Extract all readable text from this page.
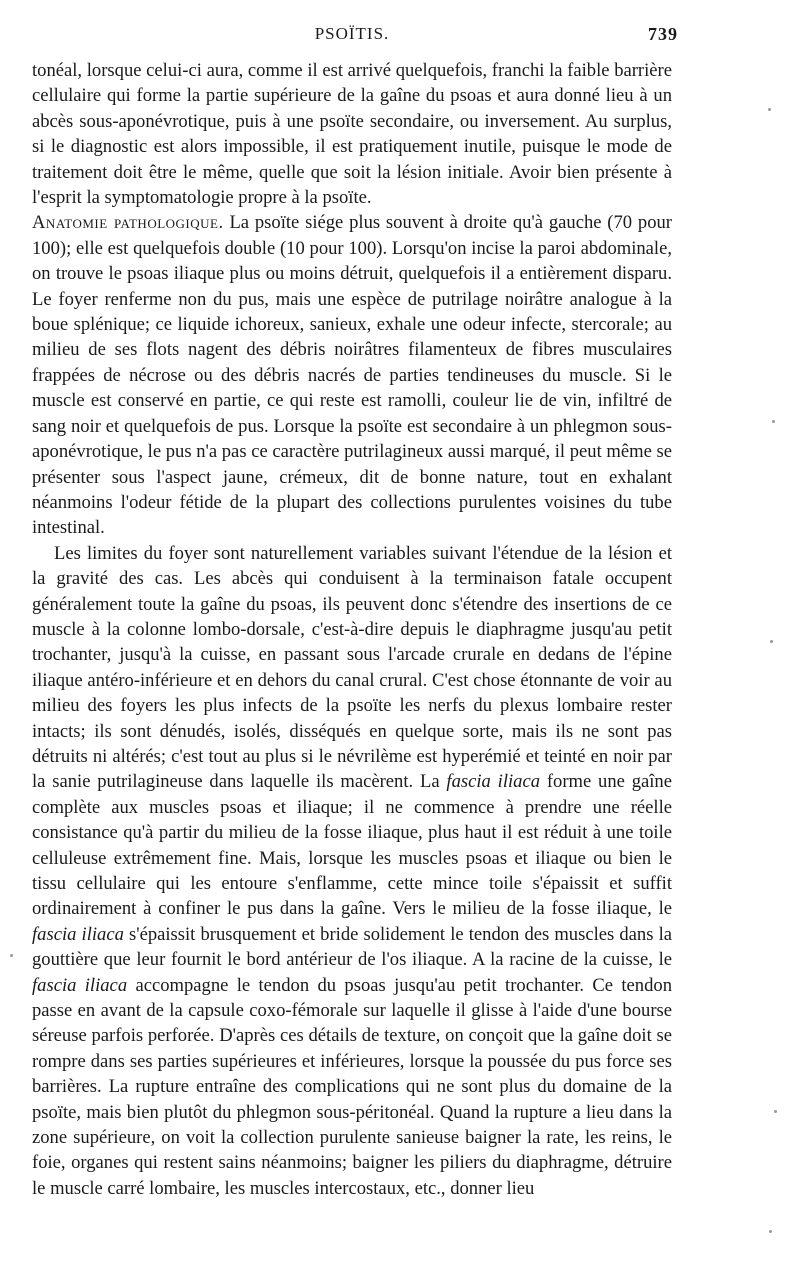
PSOÏTIS.	739

tonéal, lorsque celui-ci aura, comme il est arrivé quelquefois, franchi la faible barrière cellulaire qui forme la partie supérieure de la gaîne du psoas et aura donné lieu à un abcès sous-aponévrotique, puis à une psoïte secondaire, ou inversement. Au surplus, si le diagnostic est alors impossible, il est pratiquement inutile, puisque le mode de traitement doit être le même, quelle que soit la lésion initiale. Avoir bien présente à l'esprit la symptomatologie propre à la psoïte.

Anatomie pathologique. La psoïte siége plus souvent à droite qu'à gauche (70 pour 100); elle est quelquefois double (10 pour 100). Lorsqu'on incise la paroi abdominale, on trouve le psoas iliaque plus ou moins détruit, quelquefois il a entièrement disparu. Le foyer renferme non du pus, mais une espèce de putrilage noirâtre analogue à la boue splénique; ce liquide ichoreux, sanieux, exhale une odeur infecte, stercorale; au milieu de ses flots nagent des débris noirâtres filamenteux de fibres musculaires frappées de nécrose ou des débris nacrés de parties tendineuses du muscle. Si le muscle est conservé en partie, ce qui reste est ramolli, couleur lie de vin, infiltré de sang noir et quelquefois de pus. Lorsque la psoïte est secondaire à un phlegmon sous-aponévrotique, le pus n'a pas ce caractère putrilagineux aussi marqué, il peut même se présenter sous l'aspect jaune, crémeux, dit de bonne nature, tout en exhalant néanmoins l'odeur fétide de la plupart des collections purulentes voisines du tube intestinal.

Les limites du foyer sont naturellement variables suivant l'étendue de la lésion et la gravité des cas. Les abcès qui conduisent à la terminaison fatale occupent généralement toute la gaîne du psoas, ils peuvent donc s'étendre des insertions de ce muscle à la colonne lombo-dorsale, c'est-à-dire depuis le diaphragme jusqu'au petit trochanter, jusqu'à la cuisse, en passant sous l'arcade crurale en dedans de l'épine iliaque antéro-inférieure et en dehors du canal crural. C'est chose étonnante de voir au milieu des foyers les plus infects de la psoïte les nerfs du plexus lombaire rester intacts; ils sont dénudés, isolés, disséqués en quelque sorte, mais ils ne sont pas détruits ni altérés; c'est tout au plus si le névrilème est hyperémié et teinté en noir par la sanie putrilagineuse dans laquelle ils macèrent. La fascia iliaca forme une gaîne complète aux muscles psoas et iliaque; il ne commence à prendre une réelle consistance qu'à partir du milieu de la fosse iliaque, plus haut il est réduit à une toile celluleuse extrêmement fine. Mais, lorsque les muscles psoas et iliaque ou bien le tissu cellulaire qui les entoure s'enflamme, cette mince toile s'épaissit et suffit ordinairement à confiner le pus dans la gaîne. Vers le milieu de la fosse iliaque, le fascia iliaca s'épaissit brusquement et bride solidement le tendon des muscles dans la gouttière que leur fournit le bord antérieur de l'os iliaque. A la racine de la cuisse, le fascia iliaca accompagne le tendon du psoas jusqu'au petit trochanter. Ce tendon passe en avant de la capsule coxo-fémorale sur laquelle il glisse à l'aide d'une bourse séreuse parfois perforée. D'après ces détails de texture, on conçoit que la gaîne doit se rompre dans ses parties supérieures et inférieures, lorsque la poussée du pus force ses barrières. La rupture entraîne des complications qui ne sont plus du domaine de la psoïte, mais bien plutôt du phlegmon sous-péritonéal. Quand la rupture a lieu dans la zone supérieure, on voit la collection purulente sanieuse baigner la rate, les reins, le foie, organes qui restent sains néanmoins; baigner les piliers du diaphragme, détruire le muscle carré lombaire, les muscles intercostaux, etc., donner lieu
